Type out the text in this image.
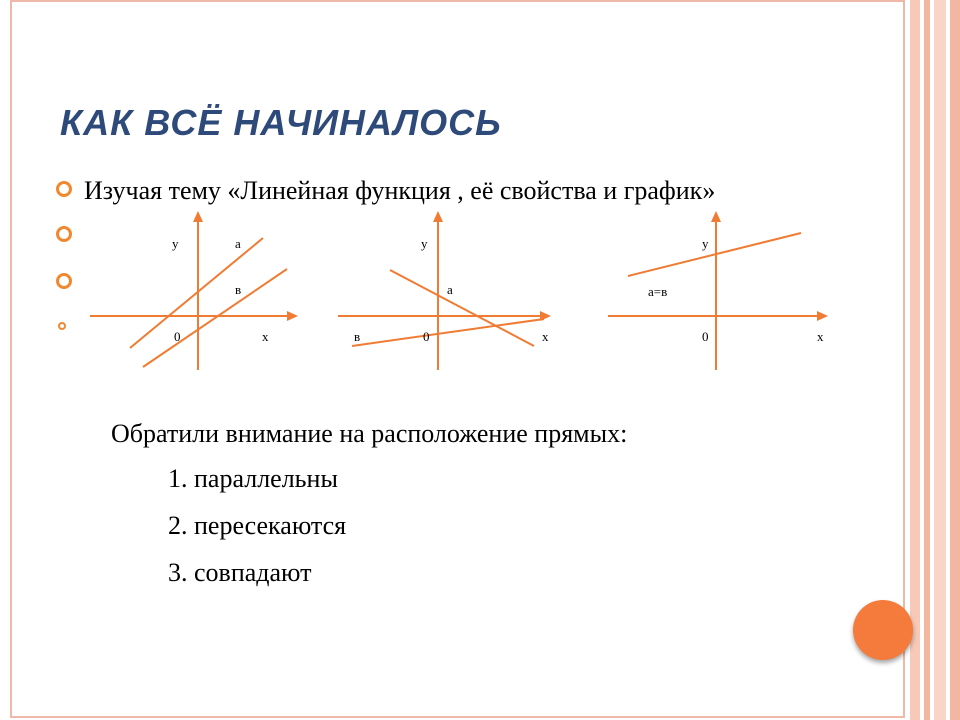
КАК ВСЁ НАЧИНАЛОСЬ
Изучая тему «Линейная функция , её свойства и график»
у	а
в
0	х
у
а
в	0	х
у
а=в
0	х
Обратили внимание на расположение прямых:
1. параллельны
2. пересекаются
3. совпадают
